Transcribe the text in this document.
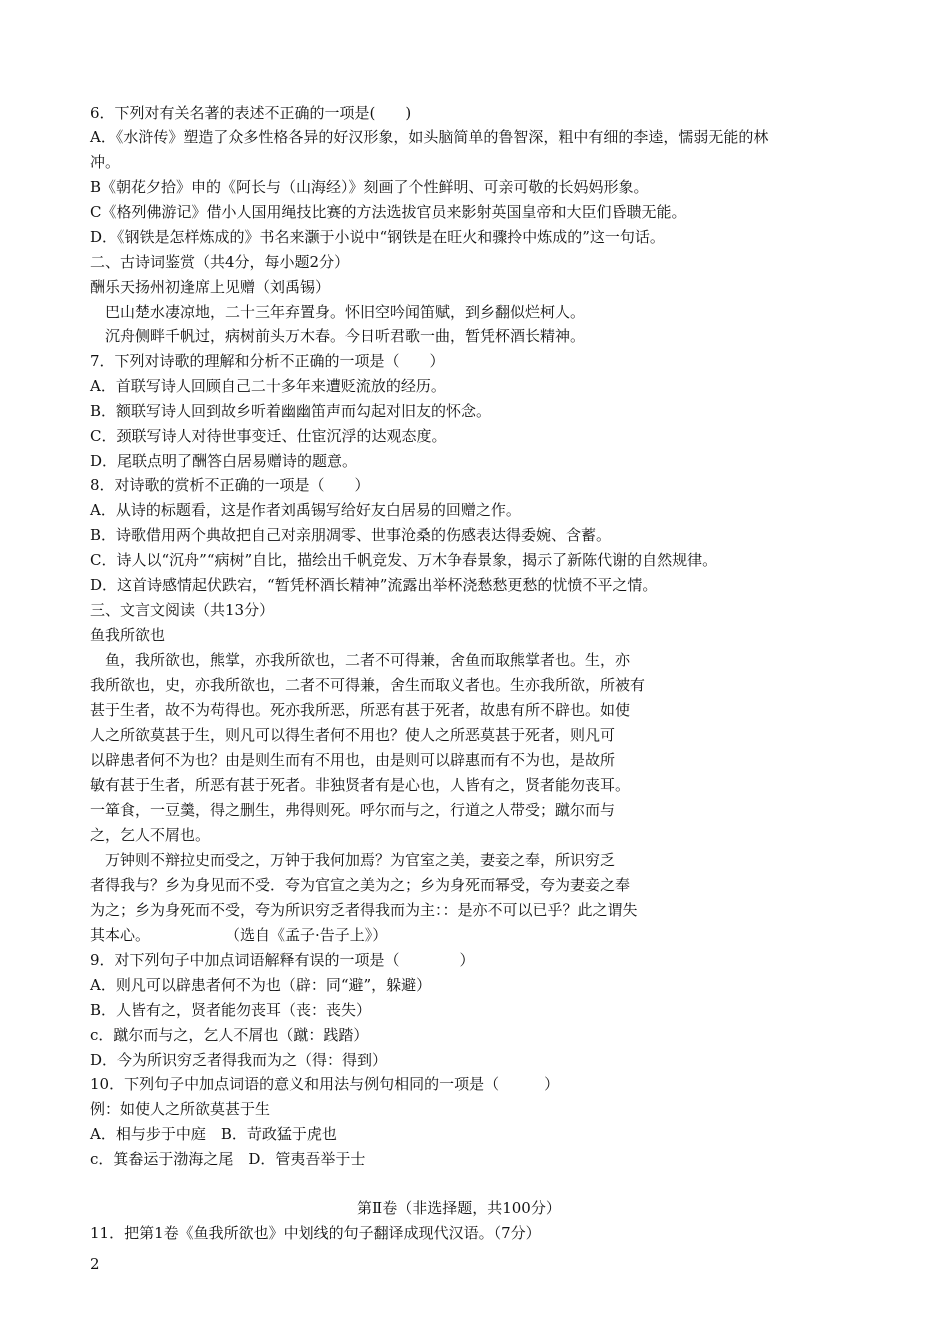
6．下列对有关名著的表述不正确的一项是(　　)
A．《水浒传》塑造了众多性格各异的好汉形象，如头脑简单的鲁智深，粗中有细的李逵，懦弱无能的林
冲。
B《朝花夕拾》申的《阿长与（山海经）》刻画了个性鲜明、可亲可敬的长妈妈形象。
C《格列佛游记》借小人国用绳技比赛的方法选拔官员来影射英国皇帝和大臣们昏聩无能。
D．《钢铁是怎样炼成的》书名来灏于小说中“钢铁是在旺火和骤拎中炼成的”这一句话。
二、古诗词鉴赏（共4分，每小题2分）
酬乐天扬州初逢席上见赠（刘禹锡）
　巴山楚水凄凉地，二十三年弃置身。怀旧空吟闻笛赋，到乡翻似烂柯人。
　沉舟侧畔千帆过，病树前头万木春。今日听君歌一曲，暂凭杯酒长精神。
7．下列对诗歌的理解和分析不正确的一项是（　　）
A．首联写诗人回顾自己二十多年来遭贬流放的经历。
B．额联写诗人回到故乡听着幽幽笛声而勾起对旧友的怀念。
C．颈联写诗人对待世事变迁、仕宦沉浮的达观态度。
D．尾联点明了酬答白居易赠诗的题意。
8．对诗歌的赏析不正确的一项是（　　）
A．从诗的标题看，这是作者刘禹锡写给好友白居易的回赠之作。
B．诗歌借用两个典故把自己对亲朋凋零、世事沧桑的伤感表达得委婉、含蓄。
C．诗人以“沉舟”“病树”自比，描绘出千帆竞发、万木争春景象，揭示了新陈代谢的自然规律。
D．这首诗感情起伏跌宕，“暂凭杯酒长精神”流露出举杯浇愁愁更愁的忧愤不平之情。
三、文言文阅读（共13分）
鱼我所欲也
　鱼，我所欲也，熊掌，亦我所欲也，二者不可得兼，舍鱼而取熊掌者也。生，亦
我所欲也，史，亦我所欲也，二者不可得兼，舍生而取义者也。生亦我所欲，所被有
甚于生者，故不为苟得也。死亦我所恶，所恶有甚于死者，故患有所不辟也。如使
人之所欲莫甚于生，则凡可以得生者何不用也？使人之所恶莫甚于死者，则凡可
以辟患者何不为也？由是则生而有不用也，由是则可以辟惠而有不为也，是故所
敏有甚于生者，所恶有甚于死者。非独贤者有是心也，人皆有之，贤者能勿丧耳。
一箪食，一豆羹，得之删生，弗得则死。呼尔而与之，行道之人带受；蹴尔而与
之，乞人不屑也。
　万钟则不辩拉史而受之，万钟于我何加焉？为官室之美，妻妾之奉，所识穷乏
者得我与？乡为身见而不受．夸为官宣之美为之；乡为身死而幂受，夸为妻妾之奉
为之；乡为身死而不受，夸为所识穷乏者得我而为主：：是亦不可以已乎？此之谓失
其本心。　　　　　　（选自《孟子·告子上》）
9．对下列句子中加点词语解释有误的一项是（　　　　）
A．则凡可以辟患者何不为也（辟：同“避”，躲避）
B．人皆有之，贤者能勿丧耳（丧：丧失）
c．蹴尔而与之，乞人不屑也（蹴：践踏）
D．今为所识穷乏者得我而为之（得：得到）
10．下列句子中加点词语的意义和用法与例句相同的一项是（　　　）
例：如使人之所欲莫甚于生
A．相与步于中庭　B．苛政猛于虎也
c．箕畚运于渤海之尾　D．管夷吾举于士
第Ⅱ卷（非选择题，共100分）
11．把第1卷《鱼我所欲也》中划线的句子翻译成现代汉语。（7分）
2
